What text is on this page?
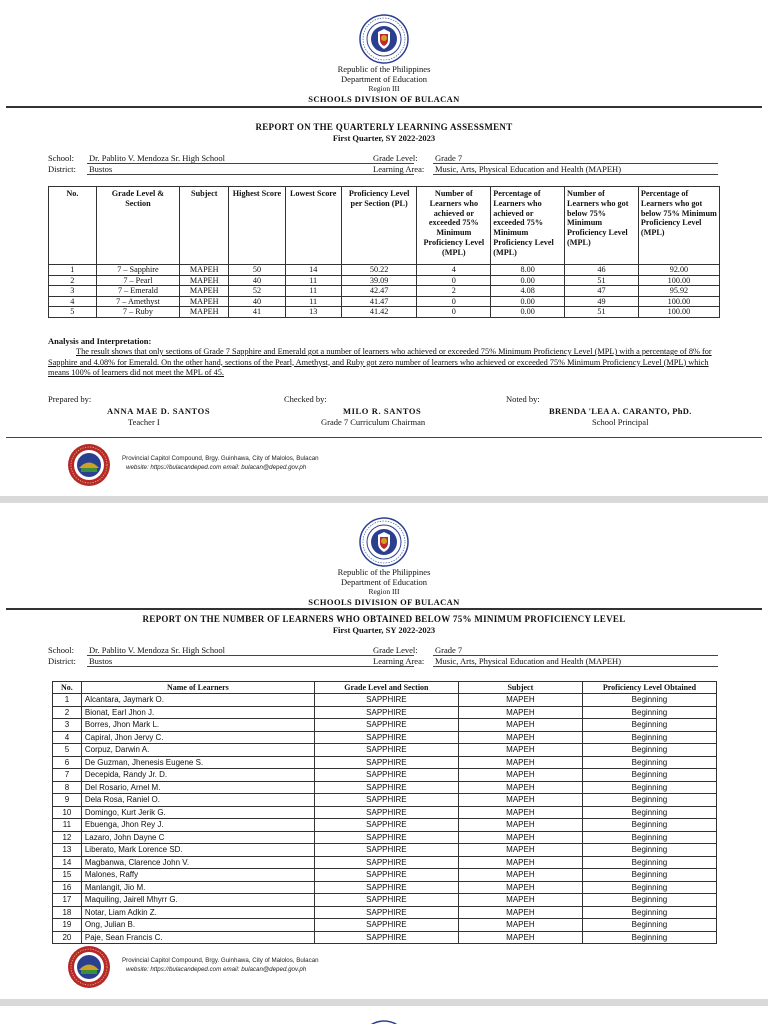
Republic of the Philippines
Department of Education
Region III
SCHOOLS DIVISION OF BULACAN
REPORT ON THE QUARTERLY LEARNING ASSESSMENT
First Quarter, SY 2022-2023
School: Dr. Pablito V. Mendoza Sr. High School
District: Bustos
Grade Level: Grade 7
Learning Area: Music, Arts, Physical Education and Health (MAPEH)
No.	Grade Level & Section	Subject	Highest Score	Lowest Score	Proficiency Level per Section (PL)	Number of Learners who achieved or exceeded 75% Minimum Proficiency Level (MPL)	Percentage of Learners who achieved or exceeded 75% Minimum Proficiency Level (MPL)	Number of Learners who got below 75% Minimum Proficiency Level (MPL)	Percentage of Learners who got below 75% Minimum Proficiency Level (MPL)
1	7 – Sapphire	MAPEH	50	14	50.22	4	8.00	46	92.00
2	7 – Pearl	MAPEH	40	11	39.09	0	0.00	51	100.00
3	7 – Emerald	MAPEH	52	11	42.47	2	4.08	47	95.92
4	7 – Amethyst	MAPEH	40	11	41.47	0	0.00	49	100.00
5	7 – Ruby	MAPEH	41	13	41.42	0	0.00	51	100.00
Analysis and Interpretation:
The result shows that only sections of Grade 7 Sapphire and Emerald got a number of learners who achieved or exceeded 75% Minimum Proficiency Level (MPL) with a percentage of 8% for Sapphire and 4.08% for Emerald. On the other hand, sections of the Pearl, Amethyst, and Ruby got zero number of learners who achieved or exceeded 75% Minimum Proficiency Level (MPL) which means 100% of learners did not meet the MPL of 45.
Prepared by:
ANNA MAE D. SANTOS
Teacher I
Checked by:
MILO R. SANTOS
Grade 7 Curriculum Chairman
Noted by:
BRENDA 'LEA A. CARANTO, PhD.
School Principal
Provincial Capitol Compound, Brgy. Guinhawa, City of Malolos, Bulacan
website: https://bulacandeped.com email: bulacan@deped.gov.ph
Republic of the Philippines
Department of Education
Region III
SCHOOLS DIVISION OF BULACAN
REPORT ON THE NUMBER OF LEARNERS WHO OBTAINED BELOW 75% MINIMUM PROFICIENCY LEVEL
First Quarter, SY 2022-2023
School: Dr. Pablito V. Mendoza Sr. High School
District: Bustos
Grade Level: Grade 7
Learning Area: Music, Arts, Physical Education and Health (MAPEH)
No.	Name of Learners	Grade Level and Section	Subject	Proficiency Level Obtained
1	Alcantara, Jaymark O.	SAPPHIRE	MAPEH	Beginning
2	Bionat, Earl Jhon J.	SAPPHIRE	MAPEH	Beginning
3	Borres, Jhon Mark L.	SAPPHIRE	MAPEH	Beginning
4	Capiral, Jhon Jervy C.	SAPPHIRE	MAPEH	Beginning
5	Corpuz, Darwin A.	SAPPHIRE	MAPEH	Beginning
6	De Guzman, Jhenesis Eugene S.	SAPPHIRE	MAPEH	Beginning
7	Decepida, Randy Jr. D.	SAPPHIRE	MAPEH	Beginning
8	Del Rosario, Arnel M.	SAPPHIRE	MAPEH	Beginning
9	Dela Rosa, Raniel O.	SAPPHIRE	MAPEH	Beginning
10	Domingo, Kurt Jerik G.	SAPPHIRE	MAPEH	Beginning
11	Ebuenga, Jhon Rey J.	SAPPHIRE	MAPEH	Beginning
12	Lazaro, John Dayne C	SAPPHIRE	MAPEH	Beginning
13	Liberato, Mark Lorence SD.	SAPPHIRE	MAPEH	Beginning
14	Magbanwa, Clarence John V.	SAPPHIRE	MAPEH	Beginning
15	Malones, Raffy	SAPPHIRE	MAPEH	Beginning
16	Manlangit, Jio M.	SAPPHIRE	MAPEH	Beginning
17	Maquiling, Jairell Mhyrr G.	SAPPHIRE	MAPEH	Beginning
18	Notar, Liam Adkin Z.	SAPPHIRE	MAPEH	Beginning
19	Ong, Julian B.	SAPPHIRE	MAPEH	Beginning
20	Paje, Sean Francis C.	SAPPHIRE	MAPEH	Beginning
Provincial Capitol Compound, Brgy. Guinhawa, City of Malolos, Bulacan
website: https://bulacandeped.com email: bulacan@deped.gov.ph
